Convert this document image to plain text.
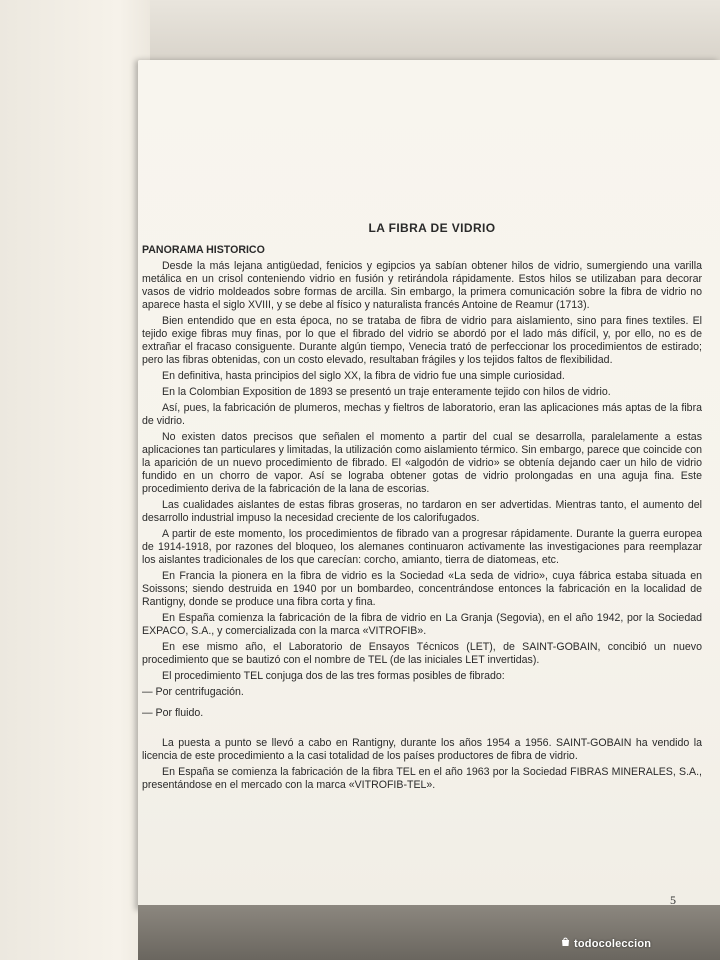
LA FIBRA DE VIDRIO
PANORAMA HISTORICO

Desde la más lejana antigüedad, fenicios y egipcios ya sabían obtener hilos de vidrio, sumergiendo una varilla metálica en un crisol conteniendo vidrio en fusión y retirándola rápidamente. Estos hilos se utilizaban para decorar vasos de vidrio moldeados sobre formas de arcilla. Sin embargo, la primera comunicación sobre la fibra de vidrio no aparece hasta el siglo XVIII, y se debe al físico y naturalista francés Antoine de Reamur (1713).

Bien entendido que en esta época, no se trataba de fibra de vidrio para aislamiento, sino para fines textiles. El tejido exige fibras muy finas, por lo que el fibrado del vidrio se abordó por el lado más difícil, y, por ello, no es de extrañar el fracaso consiguente. Durante algún tiempo, Venecia trató de perfeccionar los procedimientos de estirado; pero las fibras obtenidas, con un costo elevado, resultaban frágiles y los tejidos faltos de flexibilidad.

En definitiva, hasta principios del siglo XX, la fibra de vidrio fue una simple curiosidad.

En la Colombian Exposition de 1893 se presentó un traje enteramente tejido con hilos de vidrio.

Así, pues, la fabricación de plumeros, mechas y fieltros de laboratorio, eran las aplicaciones más aptas de la fibra de vidrio.

No existen datos precisos que señalen el momento a partir del cual se desarrolla, paralelamente a estas aplicaciones tan particulares y limitadas, la utilización como aislamiento térmico. Sin embargo, parece que coincide con la aparición de un nuevo procedimiento de fibrado. El «algodón de vidrio» se obtenía dejando caer un hilo de vidrio fundido en un chorro de vapor. Así se lograba obtener gotas de vidrio prolongadas en una aguja fina. Este procedimiento deriva de la fabricación de la lana de escorias.

Las cualidades aislantes de estas fibras groseras, no tardaron en ser advertidas. Mientras tanto, el aumento del desarrollo industrial impuso la necesidad creciente de los calorifugados.

A partir de este momento, los procedimientos de fibrado van a progresar rápidamente. Durante la guerra europea de 1914-1918, por razones del bloqueo, los alemanes continuaron activamente las investigaciones para reemplazar los aislantes tradicionales de los que carecían: corcho, amianto, tierra de diatomeas, etc.

En Francia la pionera en la fibra de vidrio es la Sociedad «La seda de vidrio», cuya fábrica estaba situada en Soissons; siendo destruida en 1940 por un bombardeo, concentrándose entonces la fabricación en la localidad de Rantigny, donde se produce una fibra corta y fina.

En España comienza la fabricación de la fibra de vidrio en La Granja (Segovia), en el año 1942, por la Sociedad EXPACO, S.A., y comercializada con la marca «VITROFIB».

En ese mismo año, el Laboratorio de Ensayos Técnicos (LET), de SAINT-GOBAIN, concibió un nuevo procedimiento que se bautizó con el nombre de TEL (de las iniciales LET invertidas).

El procedimiento TEL conjuga dos de las tres formas posibles de fibrado:

— Por centrifugación.
— Por fluido.

La puesta a punto se llevó a cabo en Rantigny, durante los años 1954 a 1956. SAINT-GOBAIN ha vendido la licencia de este procedimiento a la casi totalidad de los países productores de fibra de vidrio.

En España se comienza la fabricación de la fibra TEL en el año 1963 por la Sociedad FIBRAS MINERALES, S.A., presentándose en el mercado con la marca «VITROFIB-TEL».

5
todocoleccion
